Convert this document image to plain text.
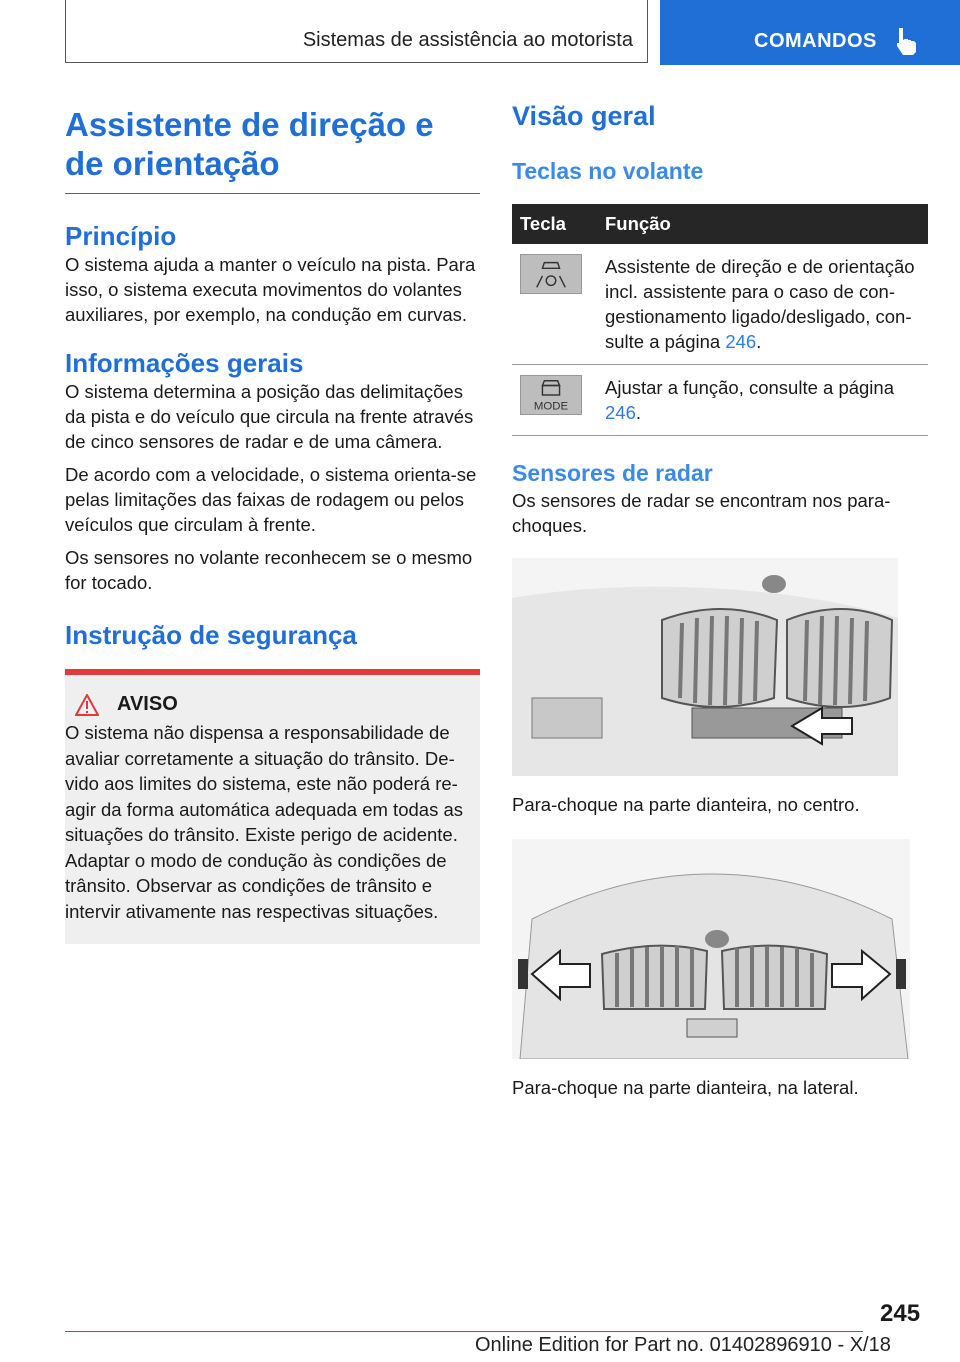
Sistemas de assistência ao motorista	COMANDOS
Assistente de direção e de orientação
Princípio

O sistema ajuda a manter o veículo na pista. Para isso, o sistema executa movimentos do volantes auxiliares, por exemplo, na condução em curvas.

Informações gerais

O sistema determina a posição das delimitações da pista e do veículo que circula na frente através de cinco sensores de radar e de uma câmera.

De acordo com a velocidade, o sistema orienta-se pelas limitações das faixas de rodagem ou pelos veículos que circulam à frente.

Os sensores no volante reconhecem se o mesmo for tocado.

Instrução de segurança
AVISO

O sistema não dispensa a responsabilidade de avaliar corretamente a situação do trânsito. Devido aos limites do sistema, este não poderá reagir da forma automática adequada em todas as situações do trânsito. Existe perigo de acidente. Adaptar o modo de condução às condições de trânsito. Observar as condições de trânsito e intervir ativamente nas respectivas situações.

Visão geral
Teclas no volante
Tecla	Função
	Assistente de direção e de orientação incl. assistente para o caso de congestionamento ligado/desligado, consulte a página 246.

MODE	Ajustar a função, consulte a página 246.
Sensores de radar

Os sensores de radar se encontram nos para-choques.

Para-choque na parte dianteira, no centro.
Para-choque na parte dianteira, na lateral.
245
Online Edition for Part no. 01402896910 - X/18
